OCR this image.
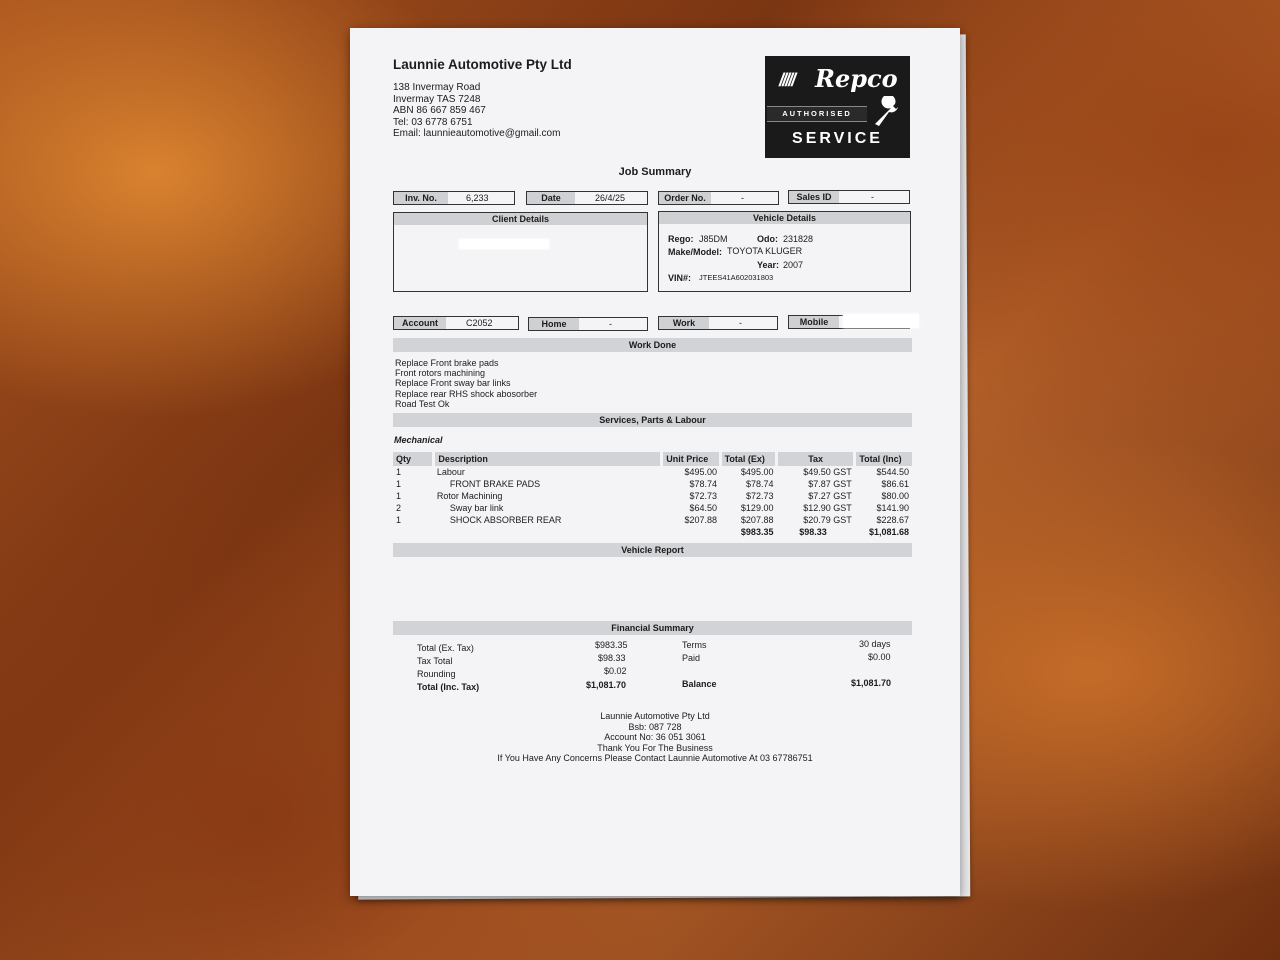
Launnie Automotive Pty Ltd
138 Invermay Road
Invermay TAS 7248
ABN 86 667 859 467
Tel: 03 6778 6751
Email: launnieautomotive@gmail.com
///// Repco
AUTHORISED
SERVICE
Job Summary
Inv. No.	6,233	Date	26/4/25	Order No.	-	Sales ID	-
Client Details	Vehicle Details
Rego: J85DM	Odo: 231828
Make/Model: TOYOTA KLUGER
Year: 2007
VIN#: JTEES41A602031803
Account	C2052	Home	-	Work	-	Mobile
Work Done
Replace Front brake pads
Front rotors machining
Replace Front sway bar links
Replace rear RHS shock abosorber
Road Test Ok
Services, Parts & Labour
Mechanical
Qty	Description	Unit Price	Total (Ex)	Tax	Total (Inc)
1	Labour	$495.00	$495.00	$49.50 GST	$544.50
1	FRONT BRAKE PADS	$78.74	$78.74	$7.87 GST	$86.61
1	Rotor Machining	$72.73	$72.73	$7.27 GST	$80.00
2	Sway bar link	$64.50	$129.00	$12.90 GST	$141.90
1	SHOCK ABSORBER REAR	$207.88	$207.88	$20.79 GST	$228.67
			$983.35	$98.33	$1,081.68
Vehicle Report
Financial Summary
Total (Ex. Tax)	$983.35
Tax Total	$98.33
Rounding	$0.02
Total (Inc. Tax)	$1,081.70
Terms	30 days
Paid	$0.00
Balance	$1,081.70
Launnie Automotive Pty Ltd
Bsb: 087 728
Account No: 36 051 3061
Thank You For The Business
If You Have Any Concerns Please Contact Launnie Automotive At 03 67786751
